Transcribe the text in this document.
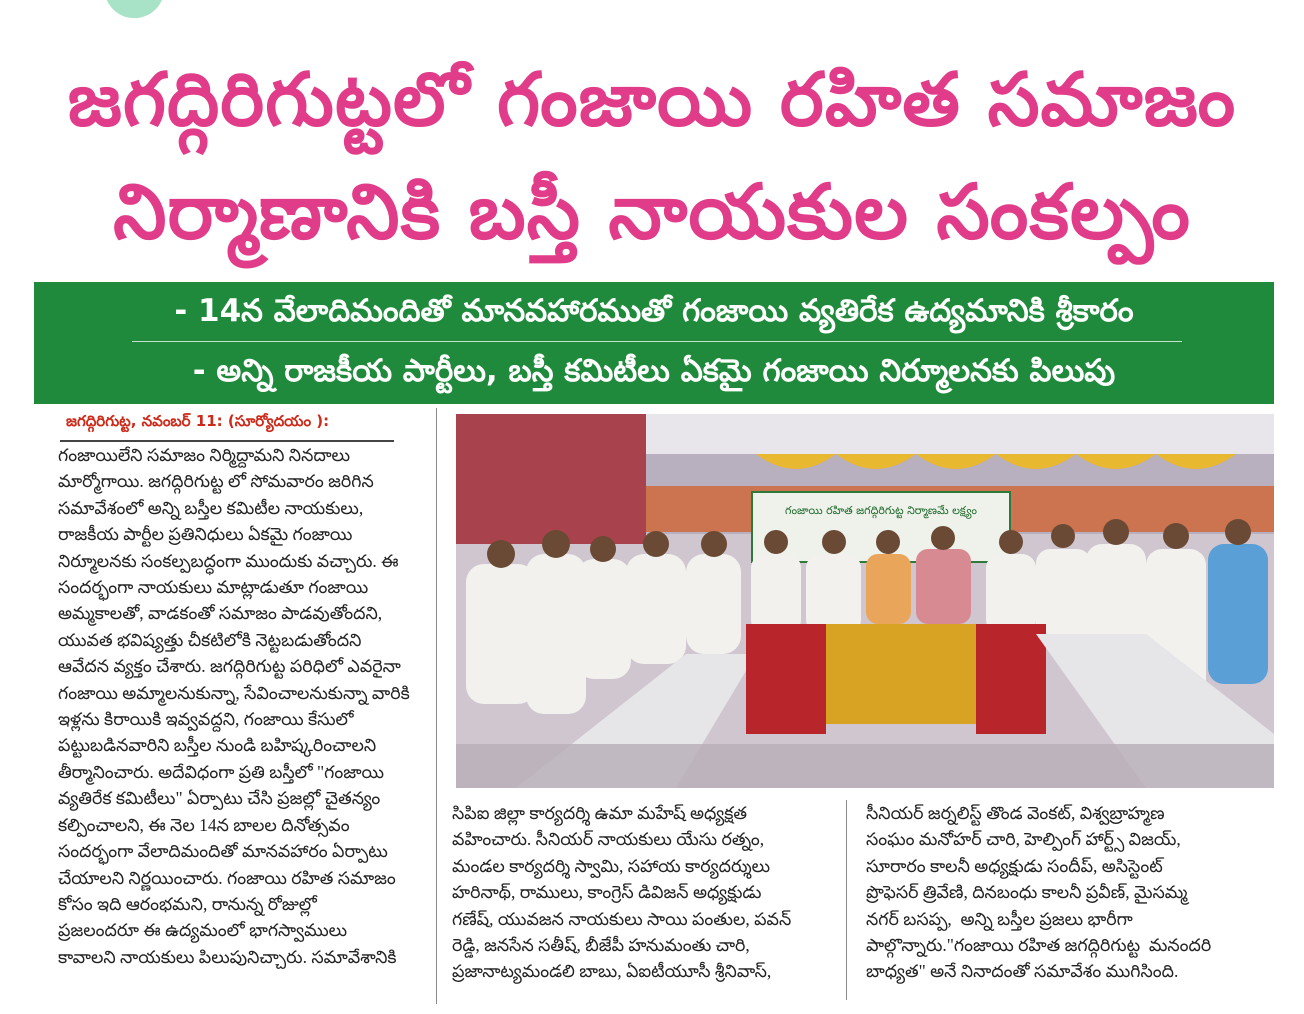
జగద్గిరిగుట్టలో గంజాయి రహిత సమాజం
నిర్మాణానికి బస్తీ నాయకుల సంకల్పం
- 14న వేలాదిమందితో మానవహారముతో గంజాయి వ్యతిరేక ఉద్యమానికి శ్రీకారం
- అన్ని రాజకీయ పార్టీలు, బస్తీ కమిటీలు ఏకమై గంజాయి నిర్మూలనకు పిలుపు
జగద్గిరిగుట్ట, నవంబర్ 11: (సూర్యోదయం ):
గంజాయిలేని సమాజం నిర్మిద్దామని నినదాలు
మార్మోగాయి. జగద్గిరిగుట్ట లో సోమవారం జరిగిన
సమావేశంలో అన్ని బస్తీల కమిటీల నాయకులు,
రాజకీయ పార్టీల ప్రతినిధులు ఏకమై గంజాయి
నిర్మూలనకు సంకల్పబద్ధంగా ముందుకు వచ్చారు. ఈ
సందర్భంగా నాయకులు మాట్లాడుతూ గంజాయి
అమ్మకాలతో, వాడకంతో సమాజం పాడవుతోందని,
యువత భవిష్యత్తు చీకటిలోకి నెట్టబడుతోందని
ఆవేదన వ్యక్తం చేశారు. జగద్గిరిగుట్ట పరిధిలో ఎవరైనా
గంజాయి అమ్మాలనుకున్నా, సేవించాలనుకున్నా వారికి
ఇళ్లను కిరాయికి ఇవ్వవద్దని, గంజాయి కేసులో
పట్టుబడినవారిని బస్తీల నుండి బహిష్కరించాలని
తీర్మానించారు. అదేవిధంగా ప్రతి బస్తీలో "గంజాయి
వ్యతిరేక కమిటీలు" ఏర్పాటు చేసి ప్రజల్లో చైతన్యం
కల్పించాలని, ఈ నెల 14న బాలల దినోత్సవం
సందర్భంగా వేలాదిమందితో మానవహారం ఏర్పాటు
చేయాలని నిర్ణయించారు. గంజాయి రహిత సమాజం
కోసం ఇది ఆరంభమని, రానున్న రోజుల్లో
ప్రజలందరూ ఈ ఉద్యమంలో భాగస్వాములు
కావాలని నాయకులు పిలుపునిచ్చారు. సమావేశానికి
గంజాయి రహిత జగద్గిరిగుట్ట నిర్మాణమే లక్ష్యం
సిపిఐ జిల్లా కార్యదర్శి ఉమా మహేష్ అధ్యక్షత
వహించారు. సీనియర్ నాయకులు యేసు రత్నం,
మండల కార్యదర్శి స్వామి, సహాయ కార్యదర్శులు
హరినాథ్, రాములు, కాంగ్రెస్ డివిజన్ అధ్యక్షుడు
గణేష్, యువజన నాయకులు సాయి పంతుల, పవన్
రెడ్డి, జనసేన సతీష్, బీజేపీ హనుమంతు చారి,
ప్రజానాట్యమండలి బాబు, ఏఐటీయూసీ శ్రీనివాస్,
సీనియర్ జర్నలిస్ట్ తొండ వెంకట్, విశ్వబ్రాహ్మణ
సంఘం మనోహర్ చారి, హెల్పింగ్ హార్ట్స్ విజయ్,
సూరారం కాలనీ అధ్యక్షుడు సందీప్, అసిస్టెంట్
ప్రొఫెసర్ త్రివేణి, దినబంధు కాలనీ ప్రవీణ్, మైసమ్మ
నగర్ బసప్ప,  అన్ని బస్తీల ప్రజలు భారీగా
పాల్గొన్నారు."గంజాయి రహిత జగద్గిరిగుట్ట  మనందరి
బాధ్యత" అనే నినాదంతో సమావేశం ముగిసింది.
